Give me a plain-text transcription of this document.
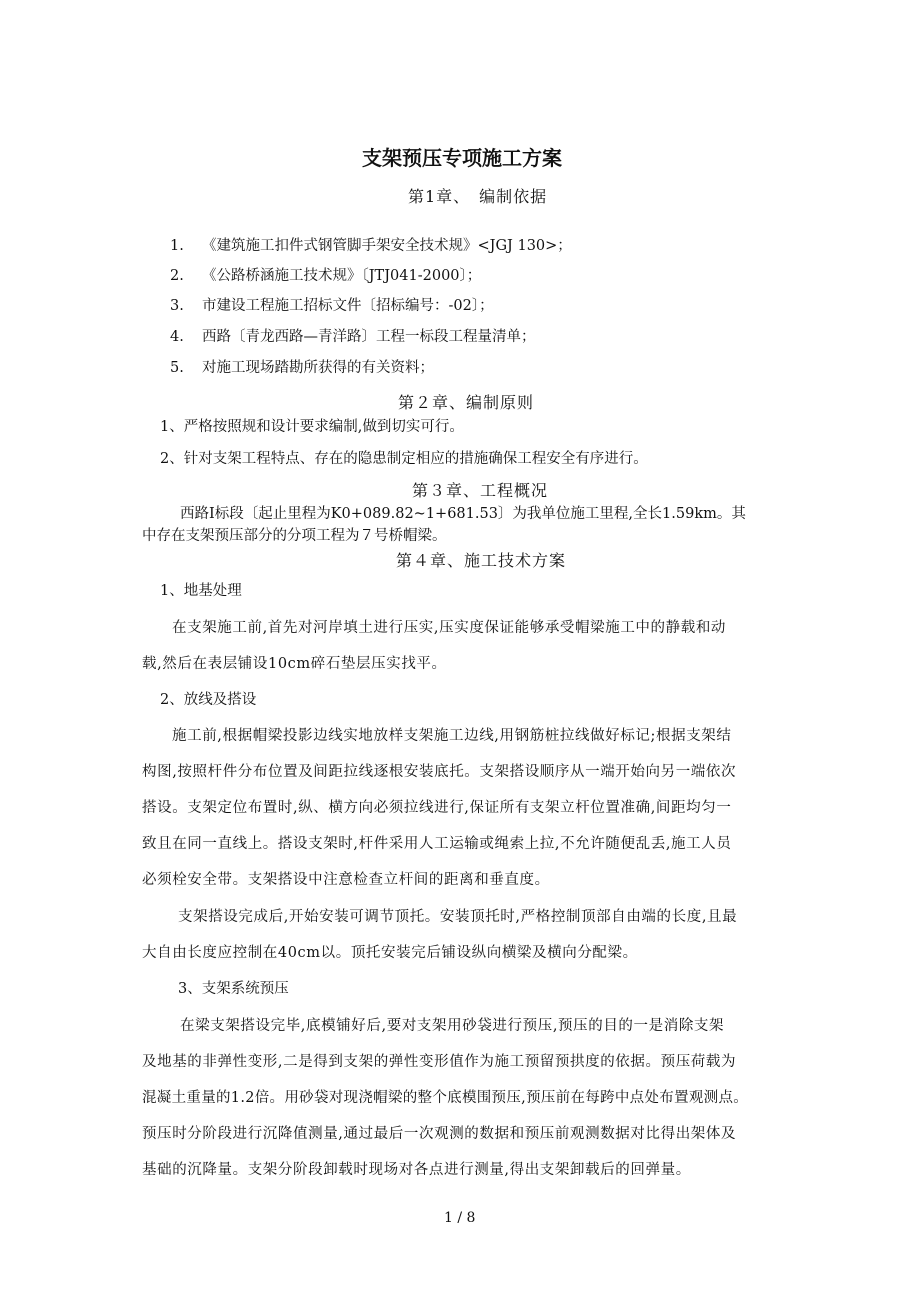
支架预压专项施工方案
第1章、　编制依据
1. 《建筑施工扣件式钢管脚手架安全技术规》<JGJ 130>；
2. 《公路桥涵施工技术规》〔JTJ041-2000〕；
3. 市建设工程施工招标文件〔招标编号：-02〕；
4. 西路〔青龙西路—青洋路〕工程一标段工程量清单；
5. 对施工现场踏勘所获得的有关资料；
第２章、编制原则
1、严格按照规和设计要求编制,做到切实可行。
2、针对支架工程特点、存在的隐患制定相应的措施确保工程安全有序进行。
第３章、工程概况
西路Ⅰ标段〔起止里程为K0+089.82~1+681.53〕为我单位施工里程,全长1.59km。其
中存在支架预压部分的分项工程为７号桥帽梁。
第４章、施工技术方案
1、地基处理
在支架施工前,首先对河岸填土进行压实,压实度保证能够承受帽梁施工中的静载和动
载,然后在表层铺设10cm碎石垫层压实找平。
2、放线及搭设
施工前,根据帽梁投影边线实地放样支架施工边线,用钢筋桩拉线做好标记;根据支架结
构图,按照杆件分布位置及间距拉线逐根安装底托。支架搭设顺序从一端开始向另一端依次
搭设。支架定位布置时,纵、横方向必须拉线进行,保证所有支架立杆位置准确,间距均匀一
致且在同一直线上。搭设支架时,杆件采用人工运输或绳索上拉,不允许随便乱丢,施工人员
必须栓安全带。支架搭设中注意检查立杆间的距离和垂直度。
支架搭设完成后,开始安装可调节顶托。安装顶托时,严格控制顶部自由端的长度,且最
大自由长度应控制在40cm以。顶托安装完后铺设纵向横梁及横向分配梁。
3、支架系统预压
在梁支架搭设完毕,底模铺好后,要对支架用砂袋进行预压,预压的目的一是消除支架
及地基的非弹性变形,二是得到支架的弹性变形值作为施工预留预拱度的依据。预压荷载为
混凝土重量的1.2倍。用砂袋对现浇帽梁的整个底模围预压,预压前在每跨中点处布置观测点。
预压时分阶段进行沉降值测量,通过最后一次观测的数据和预压前观测数据对比得出架体及
基础的沉降量。支架分阶段卸载时现场对各点进行测量,得出支架卸载后的回弹量。
1 / 8
